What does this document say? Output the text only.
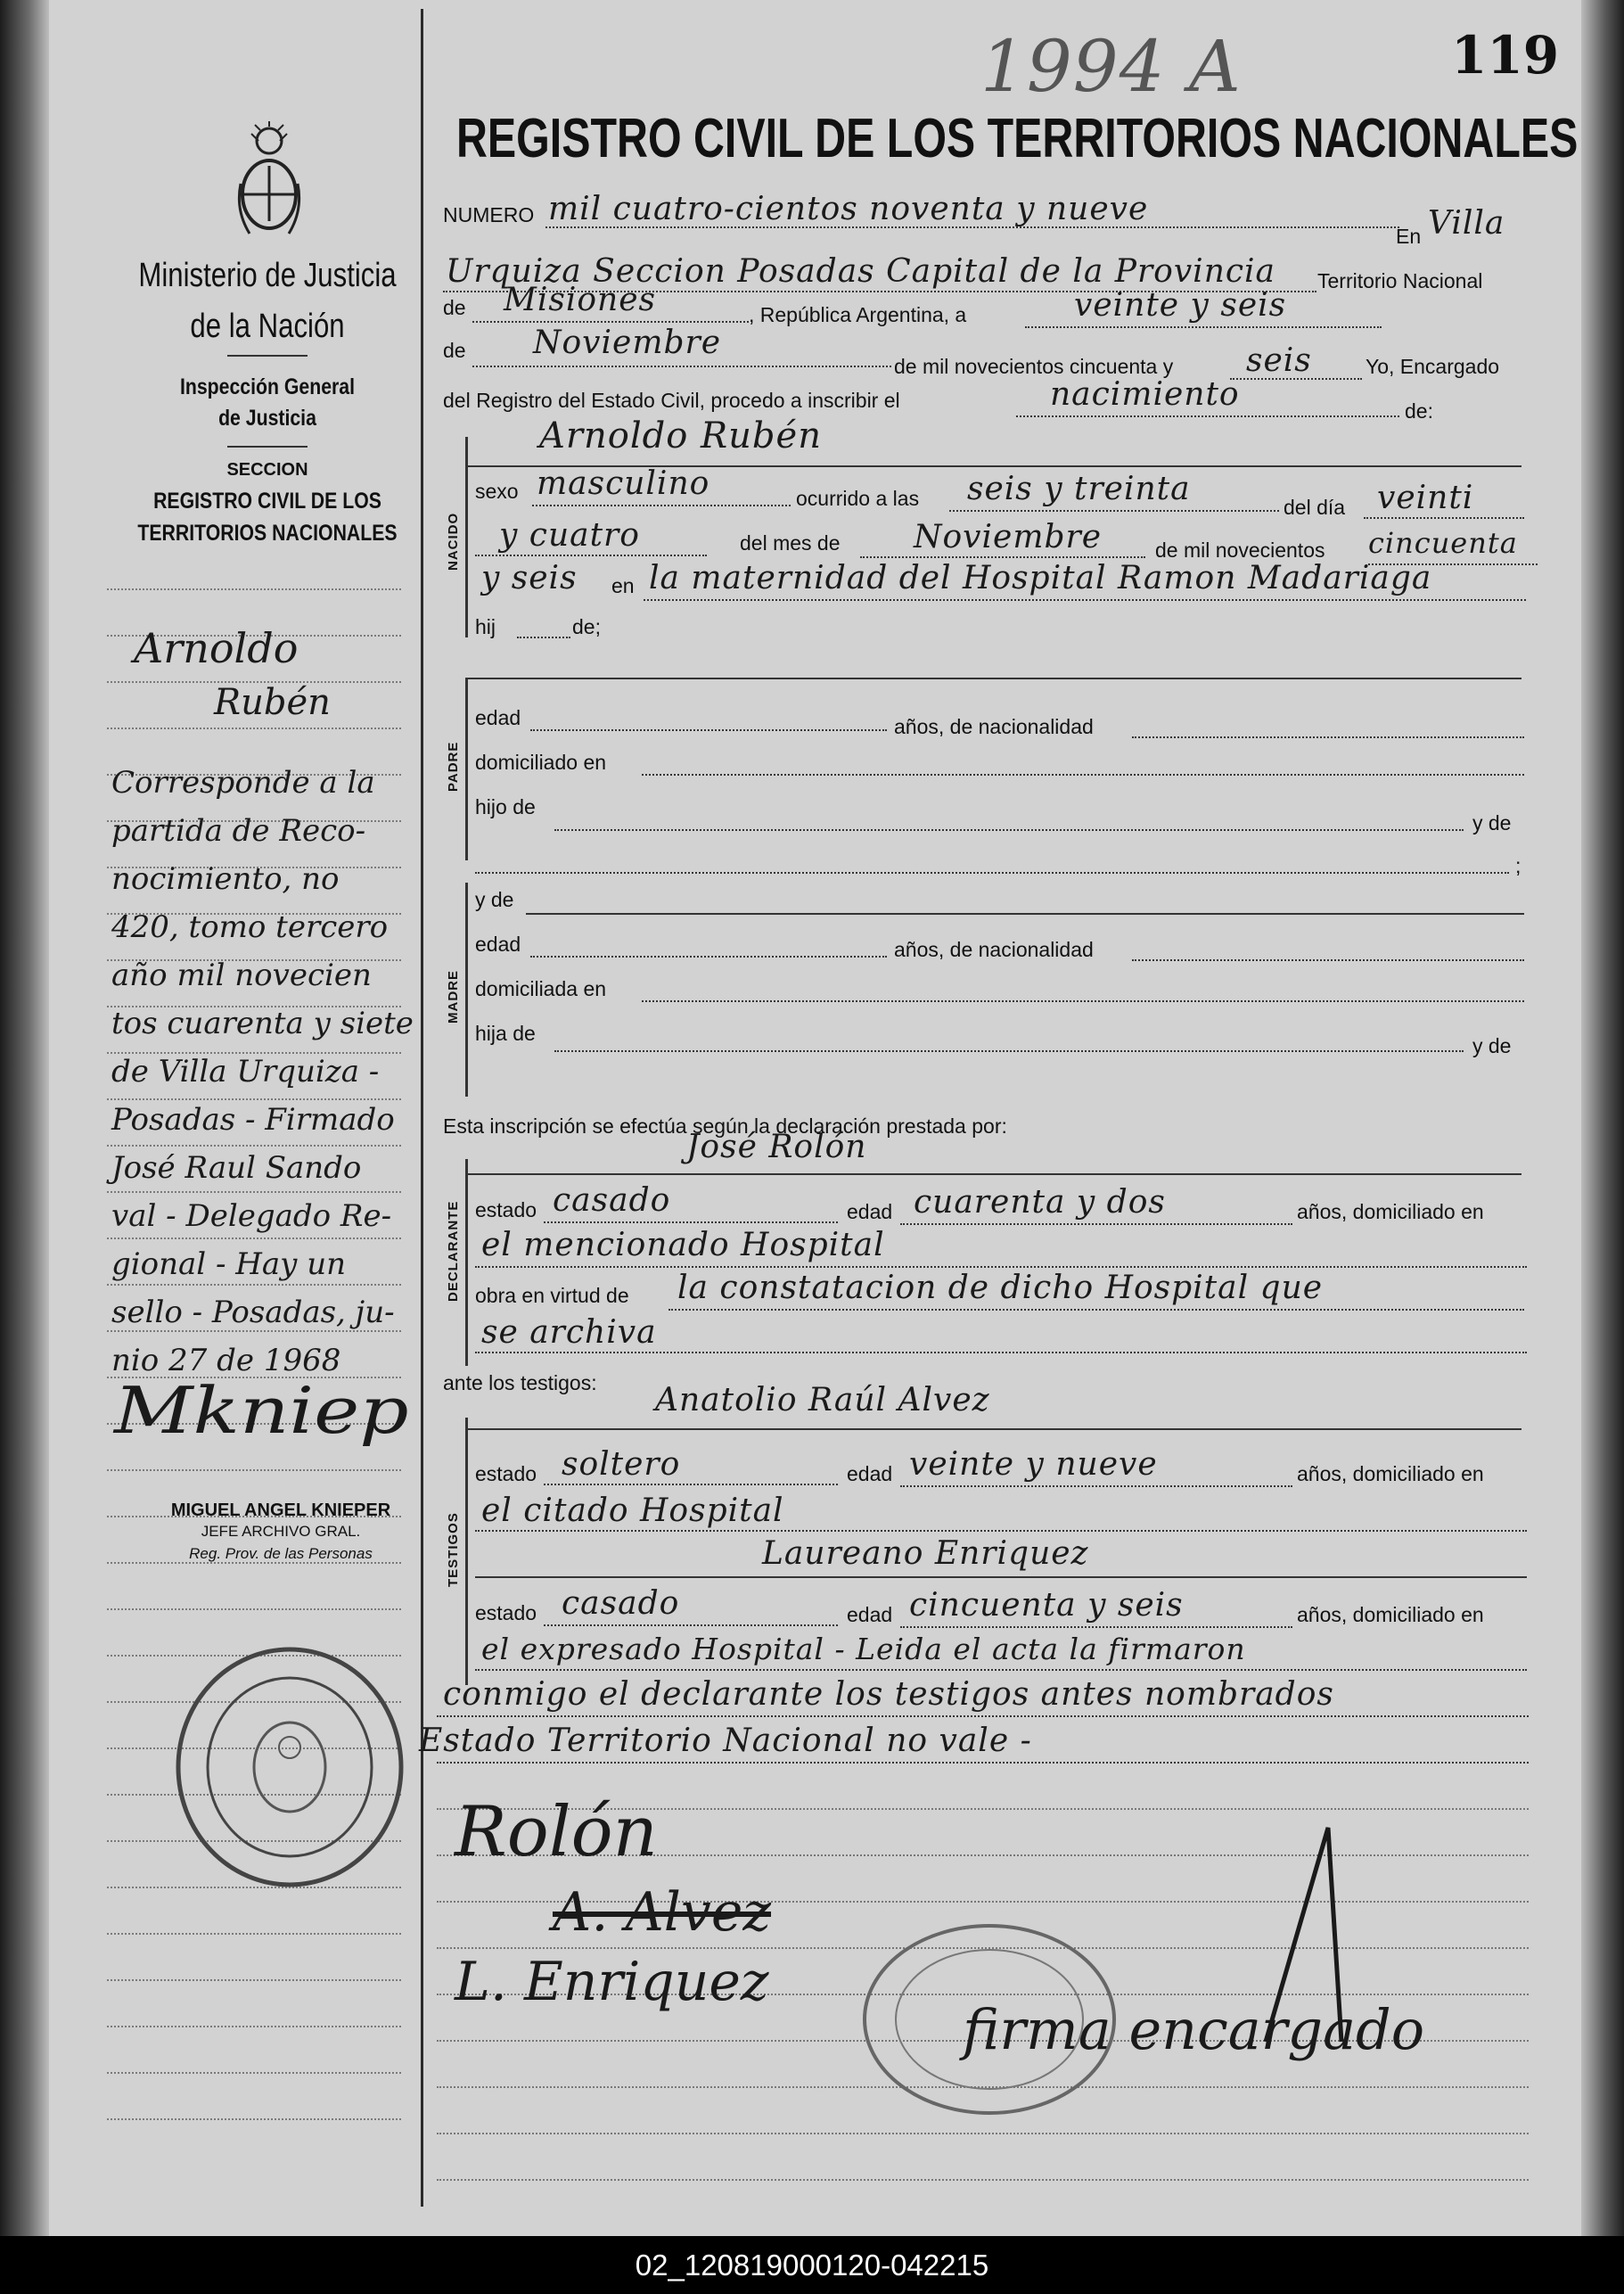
119
1994 A
REGISTRO CIVIL DE LOS TERRITORIOS NACIONALES
Ministerio de Justicia
de la Nación
Inspección General
de Justicia
SECCION
REGISTRO CIVIL DE LOS
TERRITORIOS NACIONALES
Arnoldo
Rubén
Corresponde a la
partida de Reco-
nocimiento, no
420, tomo tercero
año mil novecien
tos cuarenta y siete
de Villa Urquiza -
Posadas - Firmado
José Raul Sando
val - Delegado Re-
gional - Hay un
sello - Posadas, ju-
nio 27 de 1968
Mkniep
MIGUEL ANGEL KNIEPER
JEFE ARCHIVO GRAL.
Reg. Prov. de las Personas
NUMERO mil cuatro-cientos noventa y nueve
En Villa
Urquiza Seccion Posadas Capital de la Provincia Territorio Nacional
de Misiones	, República Argentina, a	veinte y seis
de Noviembre
de mil novecientos cincuenta y seis	Yo, Encargado
del Registro del Estado Civil, procedo a inscribir el	nacimiento	de:
Arnoldo Rubén
NACIDO
sexo masculino	ocurrido a las seis y treinta	del día veinti
y cuatro	del mes de Noviembre	de mil novecientos cincuenta
y seis en la maternidad del Hospital Ramon Madariaga
hij	de;
PADRE
edad	años, de nacionalidad
domiciliado en
hijo de
y de
;
y de
MADRE
edad	años, de nacionalidad
domiciliada en
hija de
y de
Esta inscripción se efectúa según la declaración prestada por:
José Rolón
DECLARANTE estado casado	edad cuarenta y dos	años, domiciliado en
el mencionado Hospital
obra en virtud de la constatacion de dicho Hospital que
se archiva
ante los testigos: Anatolio Raúl Alvez
TESTIGOS
estado soltero	edad veinte y nueve	años, domiciliado en
el citado Hospital
Laureano Enriquez
estado casado	edad cincuenta y seis	años, domiciliado en
el expresado Hospital - Leida el acta la firmaron
conmigo el declarante los testigos antes nombrados
Estado Territorio Nacional no vale -
Rolón
A. Alvez
L. Enriquez
firma encargado
02_120819000120-042215
